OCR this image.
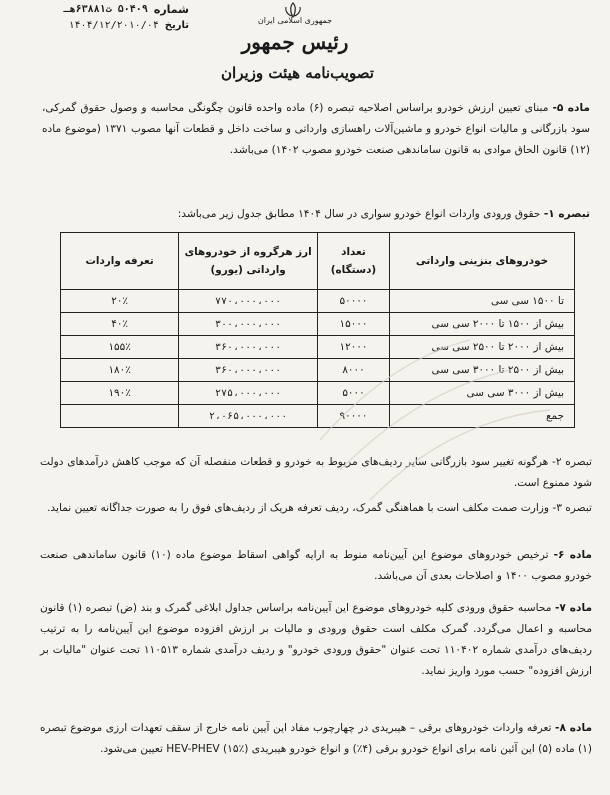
شماره
۵۰۴۰۹
ت۶۳۸۸۱هـ
تاریخ
۱۴۰۴/۱۲/۲۰۱۰/۰۴	جمهوری اسلامی ایران
رئیس جمهور
تصویب‌نامه هیئت وزیران
ماده ۵- مبنای تعیین ارزش خودرو براساس اصلاحیه تبصره (۶) ماده واحده قانون چگونگی محاسبه و وصول حقوق گمرکی، سود بازرگانی و مالیات انواع خودرو و ماشین‌آلات راهسازی وارداتی و ساخت داخل و قطعات آنها مصوب ۱۳۷۱ (موضوع ماده (۱۲) قانون الحاق موادی به قانون ساماندهی صنعت خودرو مصوب ۱۴۰۲) می‌باشد.
تبصره ۱- حقوق ورودی واردات انواع خودرو سواری در سال ۱۴۰۴ مطابق جدول زیر می‌باشد:
خودروهای بنزینی وارداتی	تعداد (دستگاه)	ارز هرگروه از خودروهای وارداتی (یورو)	تعرفه واردات
تا ۱۵۰۰ سی سی	۵۰۰۰۰	۷۷۰،۰۰۰،۰۰۰	۲۰٪
بیش از ۱۵۰۰ تا ۲۰۰۰ سی سی	۱۵۰۰۰	۳۰۰،۰۰۰،۰۰۰	۴۰٪
بیش از ۲۰۰۰ تا ۲۵۰۰ سی سی	۱۲۰۰۰	۳۶۰،۰۰۰،۰۰۰	۱۵۵٪
بیش از ۲۵۰۰ تا ۳۰۰۰ سی سی	۸۰۰۰	۳۶۰،۰۰۰،۰۰۰	۱۸۰٪
بیش از ۳۰۰۰ سی سی	۵۰۰۰	۲۷۵،۰۰۰،۰۰۰	۱۹۰٪
جمع	۹۰۰۰۰	۲،۰۶۵،۰۰۰،۰۰۰	
تبصره ۲- هرگونه تغییر سود بازرگانی سایر ردیف‌های مربوط به خودرو و قطعات منفصله آن که موجب کاهش درآمدهای دولت شود ممنوع است.
تبصره ۳- وزارت صمت مکلف است با هماهنگی گمرک، ردیف تعرفه هریک از ردیف‌های فوق را به صورت جداگانه تعیین نماید.
ماده ۶- ترخیص خودروهای موضوع این آیین‌نامه منوط به ارایه گواهی اسقاط موضوع ماده (۱۰) قانون ساماندهی صنعت خودرو مصوب ۱۴۰۰ و اصلاحات بعدی آن می‌باشد.
ماده ۷- محاسبه حقوق ورودی کلیه خودروهای موضوع این آیین‌نامه براساس جداول ابلاغی گمرک و بند (ض) تبصره (۱) قانون محاسبه و اعمال می‌گردد. گمرک مکلف است حقوق ورودی و مالیات بر ارزش افزوده موضوع این آیین‌نامه را به ترتیب ردیف‌های درآمدی شماره ۱۱۰۴۰۲ تحت عنوان "حقوق ورودی خودرو" و ردیف درآمدی شماره ۱۱۰۵۱۳ تحت عنوان "مالیات بر ارزش افزوده" حسب مورد واریز نماید.
ماده ۸- تعرفه واردات خودروهای برقی – هیبریدی در چهارچوب مفاد این آیین نامه خارج از سقف تعهدات ارزی موضوع تبصره (۱) ماده (۵) این آئین نامه برای انواع خودرو برقی (۴٪) و انواع خودرو هیبریدی HEV-PHEV (۱۵٪) تعیین می‌شود.
